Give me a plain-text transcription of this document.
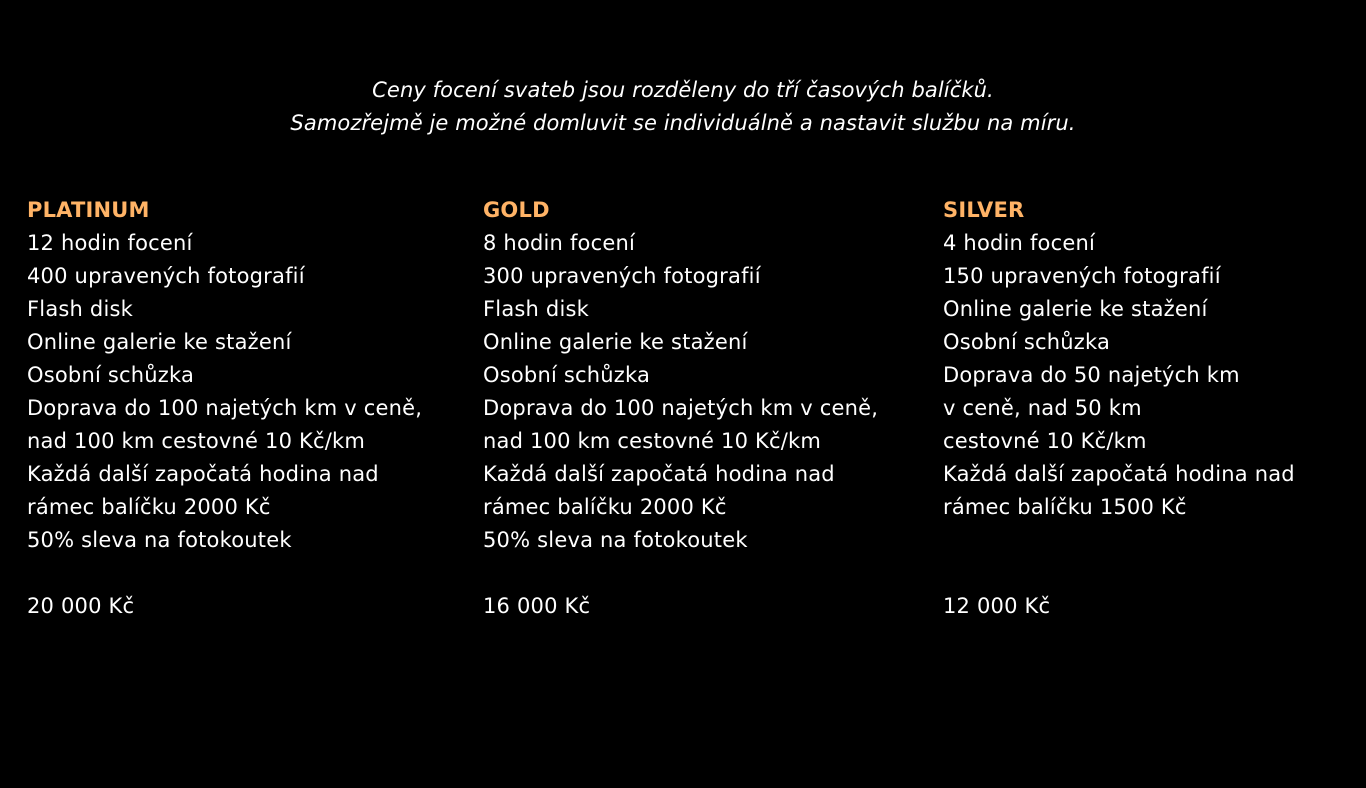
Ceny focení svateb jsou rozděleny do tří časových balíčků.
Samozřejmě je možné domluvit se individuálně a nastavit službu na míru.
PLATINUM
12 hodin focení
400 upravených fotografií
Flash disk
Online galerie ke stažení
Osobní schůzka
Doprava do 100 najetých km v ceně,
nad 100 km cestovné 10 Kč/km
Každá další započatá hodina nad
rámec balíčku 2000 Kč
50% sleva na fotokoutek
20 000 Kč
GOLD
8 hodin focení
300 upravených fotografií
Flash disk
Online galerie ke stažení
Osobní schůzka
Doprava do 100 najetých km v ceně,
nad 100 km cestovné 10 Kč/km
Každá další započatá hodina nad
rámec balíčku 2000 Kč
50% sleva na fotokoutek
16 000 Kč
SILVER
4 hodin focení
150 upravených fotografií
Online galerie ke stažení
Osobní schůzka
Doprava do 50 najetých km
v ceně, nad 50 km
cestovné 10 Kč/km
Každá další započatá hodina nad
rámec balíčku 1500 Kč
12 000 Kč
